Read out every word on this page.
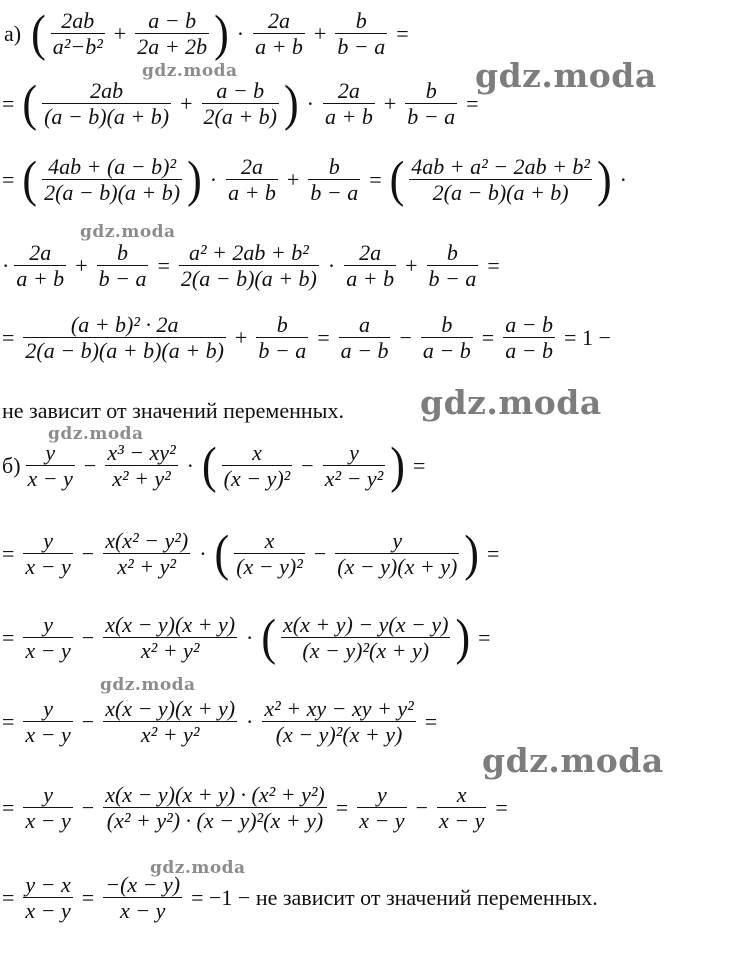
а) ( $\frac{2ab}{\text{a²−b²}} + \frac{a - b}{2a + 2b}$ ) · $\frac{2a}{a + b} + \frac{b}{b - a}$ =
= ( $\frac{2ab}{(a - b)(a + b)} + \frac{a - b}{2(a + b)}$ ) · $\frac{2a}{a + b} + \frac{b}{b - a}$ =
= ( $\frac{\text{4ab + (a − b)²}}{2(a - b)(a + b)}$ ) · $\frac{2a}{a + b} + \frac{b}{b - a}$ = ( $\frac{\text{4ab + a² − 2ab + b²}}{2(a - b)(a + b)}$ ) ·
· $\frac{2a}{a + b} + \frac{b}{b - a} = \frac{\text{a² + 2ab + b²}}{2(a - b)(a + b)} \cdot \frac{2a}{a + b} + \frac{b}{b - a}$ =
= $\frac{\text{(a + b)² · 2a}}{2(a - b)(a + b)(a + b)} + \frac{b}{b - a} = \frac{a}{a - b} - \frac{b}{a - b} = \frac{a - b}{a - b} = 1$ −
не зависит от значений переменных.
$б) \frac{y}{x - y} - \frac{\text{x³ − xy²}}{\text{x² + y²}}$ · ( $\frac{x}{\text{(x − y)²}} - \frac{y}{\text{x² − y²}}$ ) =
= $\frac{y}{x - y} - \frac{\text{x(x² − y²)}}{\text{x² + y²}}$ · ( $\frac{x}{\text{(x − y)²}} - \frac{y}{(x - y)(x + y)}$ ) =
= $\frac{y}{x - y} - \frac{x(x - y)(x + y)}{\text{x² + y²}}$ · ( $\frac{x(x + y) - y(x - y)}{\text{(x − y)²(x + y)}}$ ) =
= $\frac{y}{x - y} - \frac{x(x - y)(x + y)}{\text{x² + y²}} \cdot \frac{\text{x² + xy − xy + y²}}{\text{(x − y)²(x + y)}}$ =
= $\frac{y}{x - y} - \frac{\text{x(x − y)(x + y) · (x² + y²)}}{\text{(x² + y²) · (x − y)²(x + y)}} = \frac{y}{x - y} - \frac{x}{x - y}$ =
= $\frac{y - x}{x - y} = \frac{-(x - y)}{x - y} = -1$ − не зависит от значений переменных.
gdz.moda	gdz.moda
gdz.moda
gdz.moda
gdz.moda
gdz.moda
gdz.moda
gdz.moda
